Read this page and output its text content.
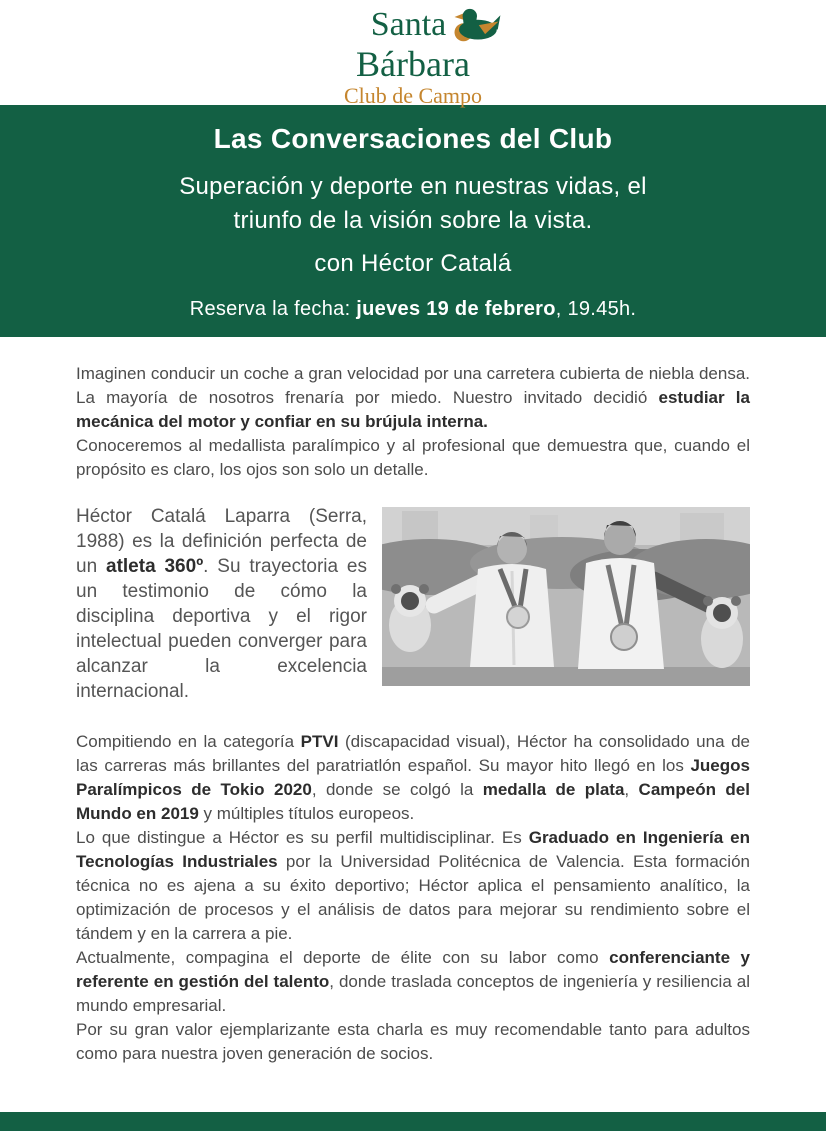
Santa
Bárbara
Club de Campo
Las Conversaciones del Club
Superación y deporte en nuestras vidas, el
triunfo de la visión sobre la vista.
con Héctor Catalá
Reserva la fecha: jueves 19 de febrero, 19.45h.

Imaginen conducir un coche a gran velocidad por una carretera cubierta de niebla densa. La mayoría de nosotros frenaría por miedo. Nuestro invitado decidió estudiar la mecánica del motor y confiar en su brújula interna.

Conoceremos al medallista paralímpico y al profesional que demuestra que, cuando el propósito es claro, los ojos son solo un detalle.

Héctor Catalá Laparra (Serra, 1988) es la definición perfecta de un atleta 360º. Su trayectoria es un testimonio de cómo la disciplina deportiva y el rigor intelectual pueden converger para alcanzar la excelencia internacional.

Compitiendo en la categoría PTVI (discapacidad visual), Héctor ha consolidado una de las carreras más brillantes del paratriatlón español. Su mayor hito llegó en los Juegos Paralímpicos de Tokio 2020, donde se colgó la medalla de plata, Campeón del Mundo en 2019 y múltiples títulos europeos.

Lo que distingue a Héctor es su perfil multidisciplinar. Es Graduado en Ingeniería en Tecnologías Industriales por la Universidad Politécnica de Valencia. Esta formación técnica no es ajena a su éxito deportivo; Héctor aplica el pensamiento analítico, la optimización de procesos y el análisis de datos para mejorar su rendimiento sobre el tándem y en la carrera a pie.

Actualmente, compagina el deporte de élite con su labor como conferenciante y referente en gestión del talento, donde traslada conceptos de ingeniería y resiliencia al mundo empresarial.

Por su gran valor ejemplarizante esta charla es muy recomendable tanto para adultos como para nuestra joven generación de socios.
